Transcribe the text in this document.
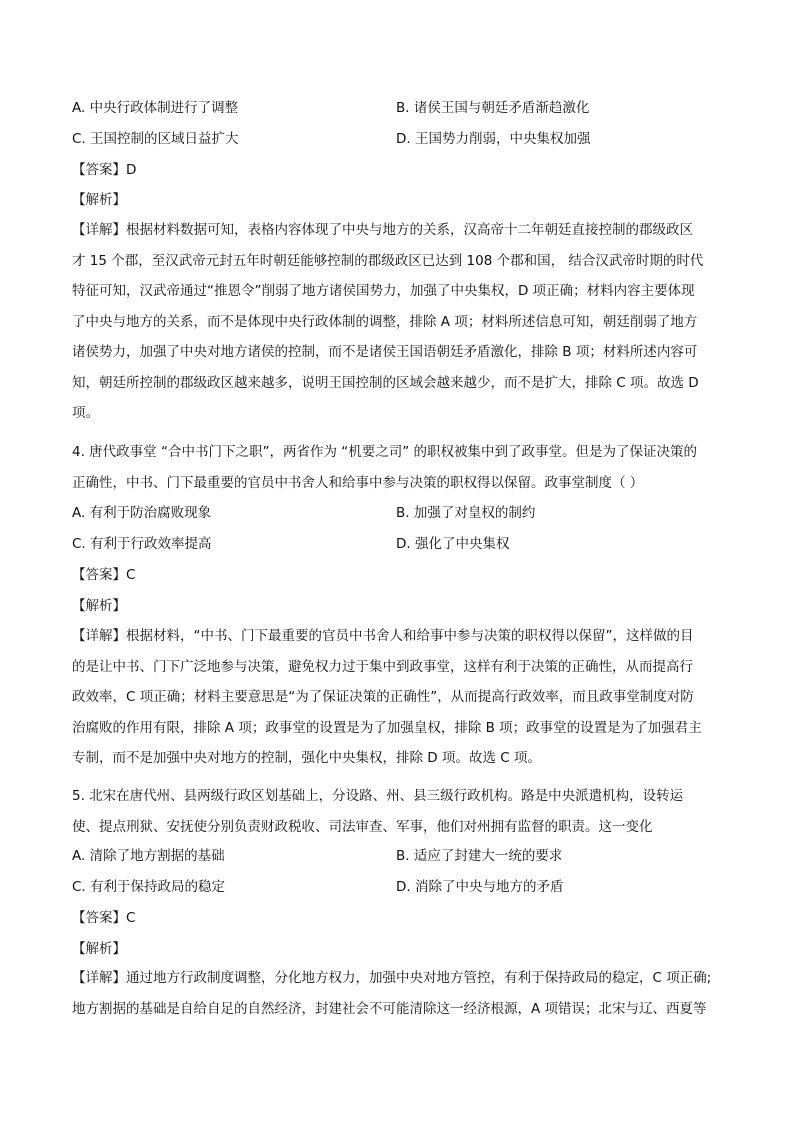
A. 中央行政体制进行了调整	B. 诸侯王国与朝廷矛盾渐趋激化
C. 王国控制的区域日益扩大	D. 王国势力削弱，中央集权加强
【答案】D
【解析】
【详解】根据材料数据可知，表格内容体现了中央与地方的关系，汉高帝十二年朝廷直接控制的郡级政区
才 15 个郡，至汉武帝元封五年时朝廷能够控制的郡级政区已达到 108 个郡和国， 结合汉武帝时期的时代
特征可知，汉武帝通过“推恩令”削弱了地方诸侯国势力，加强了中央集权，D 项正确；材料内容主要体现
了中央与地方的关系，而不是体现中央行政体制的调整，排除 A 项；材料所述信息可知，朝廷削弱了地方
诸侯势力，加强了中央对地方诸侯的控制，而不是诸侯王国语朝廷矛盾激化，排除 B 项；材料所述内容可
知，朝廷所控制的郡级政区越来越多，说明王国控制的区域会越来越少，而不是扩大，排除 C 项。故选 D
项。
4. 唐代政事堂 “合中书门下之职”，两省作为 “机要之司” 的职权被集中到了政事堂。但是为了保证决策的
正确性，中书、门下最重要的官员中书舍人和给事中参与决策的职权得以保留。政事堂制度（ ）
A. 有利于防治腐败现象	B. 加强了对皇权的制约
C. 有利于行政效率提高	D. 强化了中央集权
【答案】C
【解析】
【详解】根据材料，“中书、门下最重要的官员中书舍人和给事中参与决策的职权得以保留”，这样做的目
的是让中书、门下广泛地参与决策，避免权力过于集中到政事堂，这样有利于决策的正确性，从而提高行
政效率，C 项正确；材料主要意思是“为了保证决策的正确性”，从而提高行政效率，而且政事堂制度对防
治腐败的作用有限，排除 A 项；政事堂的设置是为了加强皇权，排除 B 项；政事堂的设置是为了加强君主
专制，而不是加强中央对地方的控制，强化中央集权，排除 D 项。故选 C 项。
5. 北宋在唐代州、县两级行政区划基础上，分设路、州、县三级行政机构。路是中央派遣机构，设转运
使、提点刑狱、安抚使分别负责财政税收、司法审查、军事，他们对州拥有监督的职责。这一变化
A. 清除了地方割据的基础	B. 适应了封建大一统的要求
C. 有利于保持政局的稳定	D. 消除了中央与地方的矛盾
【答案】C
【解析】
【详解】通过地方行政制度调整，分化地方权力，加强中央对地方管控，有利于保持政局的稳定，C 项正确;
地方割据的基础是自给自足的自然经济，封建社会不可能清除这一经济根源，A 项错误；北宋与辽、西夏等
